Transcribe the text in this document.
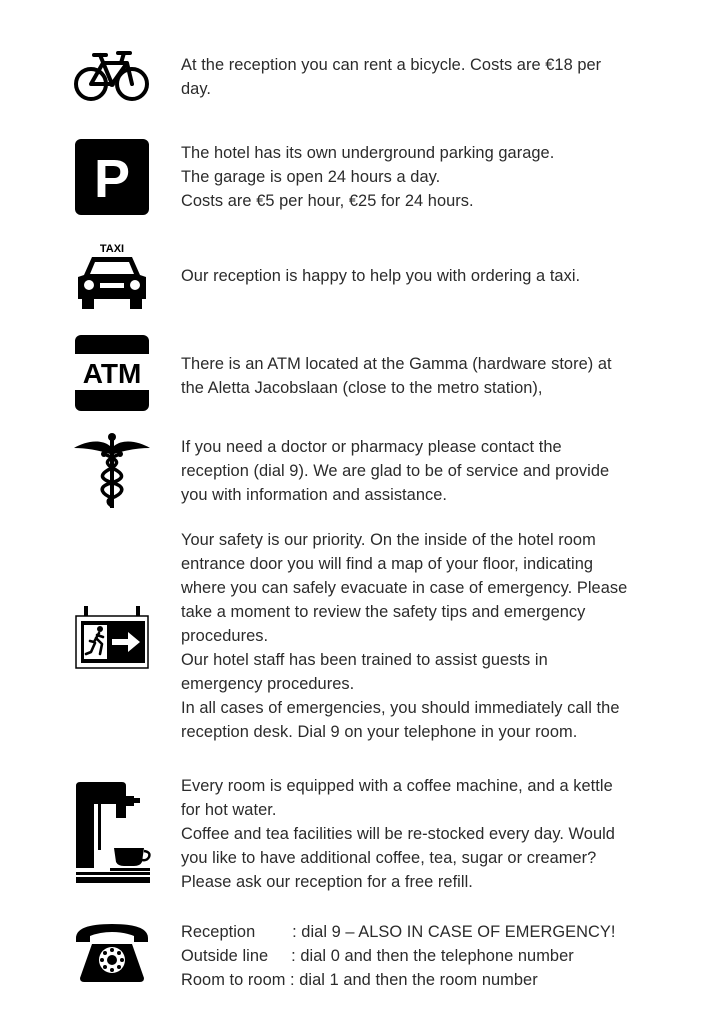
At the reception you can rent a bicycle. Costs are €18 per

day.

P	The hotel has its own underground parking garage.

The garage is open 24 hours a day.

Costs are €5 per hour, €25 for 24 hours.

TAXI

Our reception is happy to help you with ordering a taxi.

ATM There is an ATM located at the Gamma (hardware store) at

the Aletta Jacobslaan (close to the metro station),

If you need a doctor or pharmacy please contact the

reception (dial 9). We are glad to be of service and provide

you with information and assistance.

Your safety is our priority. On the inside of the hotel room

entrance door you will find a map of your floor, indicating

where you can safely evacuate in case of emergency. Please

take a moment to review the safety tips and emergency

procedures.

Our hotel staff has been trained to assist guests in

emergency procedures.

In all cases of emergencies, you should immediately call the

reception desk. Dial 9 on your telephone in your room.

Every room is equipped with a coffee machine, and a kettle

for hot water.

Coffee and tea facilities will be re-stocked every day. Would

you like to have additional coffee, tea, sugar or creamer?

Please ask our reception for a free refill.

Reception        : dial 9 – ALSO IN CASE OF EMERGENCY!

Outside line     : dial 0 and then the telephone number

Room to room : dial 1 and then the room number
